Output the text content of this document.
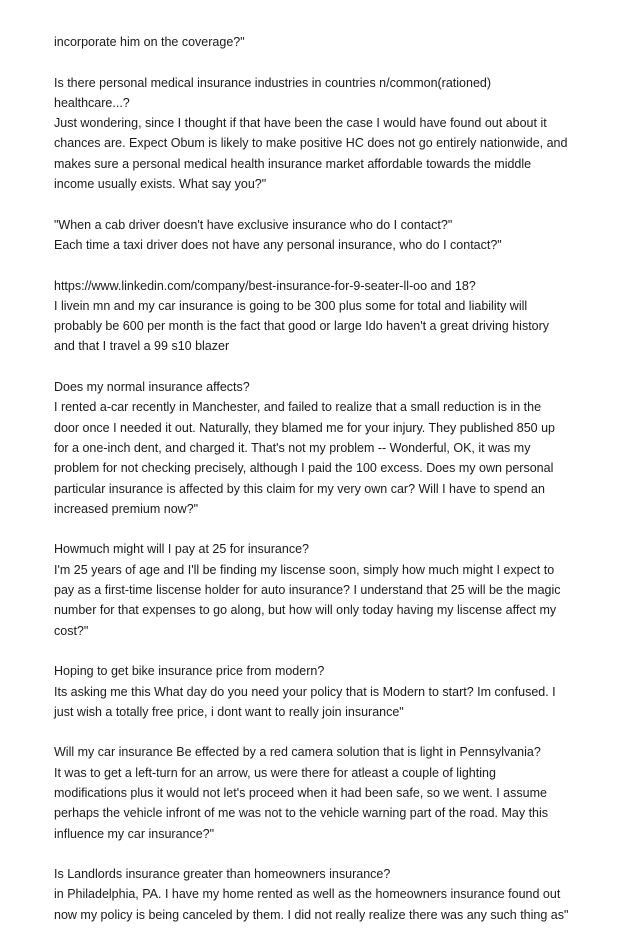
incorporate him on the coverage?"
Is there personal medical insurance industries in countries n/common(rationed)
healthcare...?
Just wondering, since I thought if that have been the case I would have found out about it
chances are. Expect Obum is likely to make positive HC does not go entirely nationwide, and
makes sure a personal medical health insurance market affordable towards the middle
income usually exists. What say you?"
"When a cab driver doesn't have exclusive insurance who do I contact?"
Each time a taxi driver does not have any personal insurance, who do I contact?"
https://www.linkedin.com/company/best-insurance-for-9-seater-ll-oo and 18?
I livein mn and my car insurance is going to be 300 plus some for total and liability will
probably be 600 per month is the fact that good or large Ido haven't a great driving history
and that I travel a 99 s10 blazer
Does my normal insurance affects?
I rented a-car recently in Manchester, and failed to realize that a small reduction is in the
door once I needed it out. Naturally, they blamed me for your injury. They published 850 up
for a one-inch dent, and charged it. That's not my problem -- Wonderful, OK, it was my
problem for not checking precisely, although I paid the 100 excess. Does my own personal
particular insurance is affected by this claim for my very own car? Will I have to spend an
increased premium now?"
Howmuch might will I pay at 25 for insurance?
I'm 25 years of age and I'll be finding my liscense soon, simply how much might I expect to
pay as a first-time liscense holder for auto insurance? I understand that 25 will be the magic
number for that expenses to go along, but how will only today having my liscense affect my
cost?"
Hoping to get bike insurance price from modern?
Its asking me this What day do you need your policy that is Modern to start? Im confused. I
just wish a totally free price, i dont want to really join insurance"
Will my car insurance Be effected by a red camera solution that is light in Pennsylvania?
It was to get a left-turn for an arrow, us were there for atleast a couple of lighting
modifications plus it would not let's proceed when it had been safe, so we went. I assume
perhaps the vehicle infront of me was not to the vehicle warning part of the road. May this
influence my car insurance?"
Is Landlords insurance greater than homeowners insurance?
in Philadelphia, PA. I have my home rented as well as the homeowners insurance found out
now my policy is being canceled by them. I did not really realize there was any such thing as"
